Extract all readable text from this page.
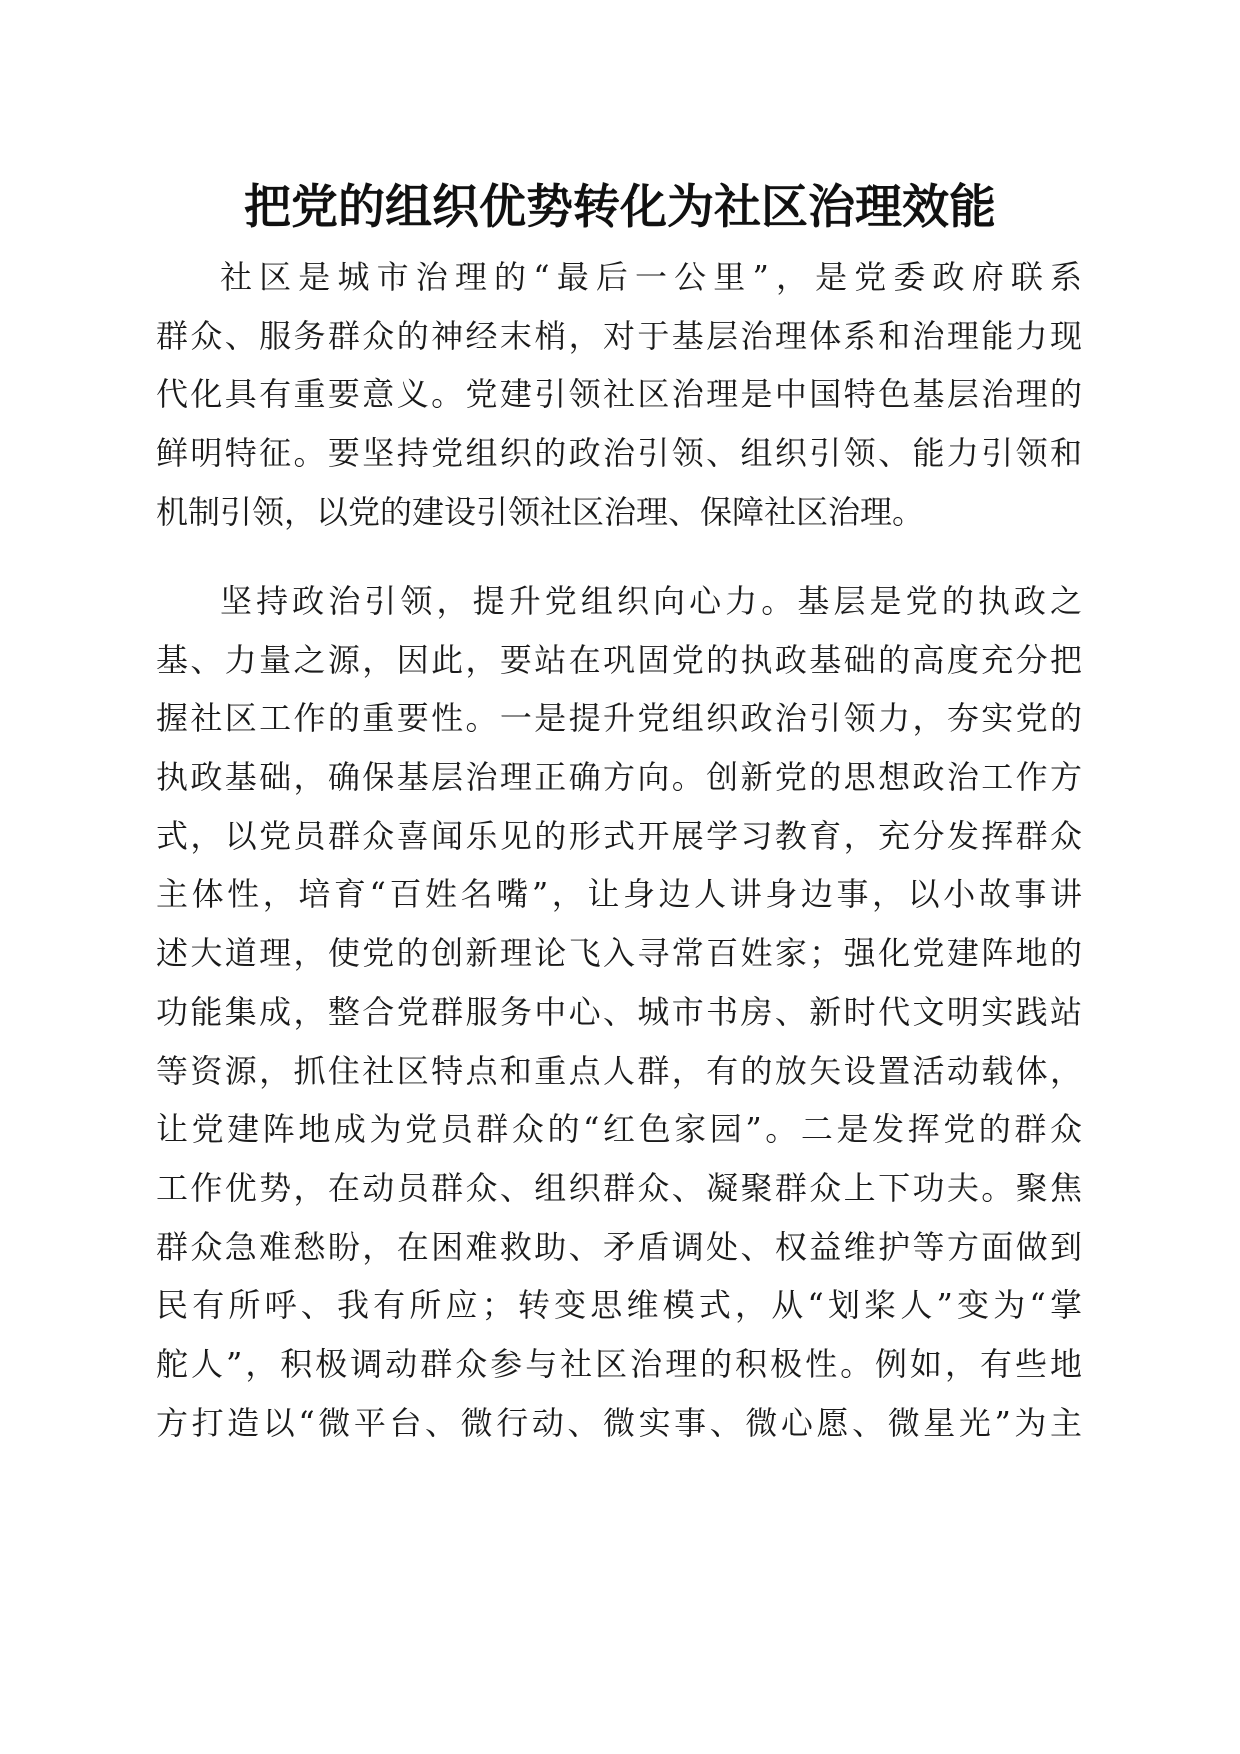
把党的组织优势转化为社区治理效能
社区是城市治理的“最后一公里”，是党委政府联系
群众、服务群众的神经末梢，对于基层治理体系和治理能力现
代化具有重要意义。党建引领社区治理是中国特色基层治理的
鲜明特征。要坚持党组织的政治引领、组织引领、能力引领和
机制引领，以党的建设引领社区治理、保障社区治理。
坚持政治引领，提升党组织向心力。基层是党的执政之
基、力量之源，因此，要站在巩固党的执政基础的高度充分把
握社区工作的重要性。一是提升党组织政治引领力，夯实党的
执政基础，确保基层治理正确方向。创新党的思想政治工作方
式，以党员群众喜闻乐见的形式开展学习教育，充分发挥群众
主体性，培育“百姓名嘴”，让身边人讲身边事，以小故事讲
述大道理，使党的创新理论飞入寻常百姓家；强化党建阵地的
功能集成，整合党群服务中心、城市书房、新时代文明实践站
等资源，抓住社区特点和重点人群，有的放矢设置活动载体，
让党建阵地成为党员群众的“红色家园”。二是发挥党的群众
工作优势，在动员群众、组织群众、凝聚群众上下功夫。聚焦
群众急难愁盼，在困难救助、矛盾调处、权益维护等方面做到
民有所呼、我有所应；转变思维模式，从“划桨人”变为“掌
舵人”，积极调动群众参与社区治理的积极性。例如，有些地
方打造以“微平台、微行动、微实事、微心愿、微星光”为主
